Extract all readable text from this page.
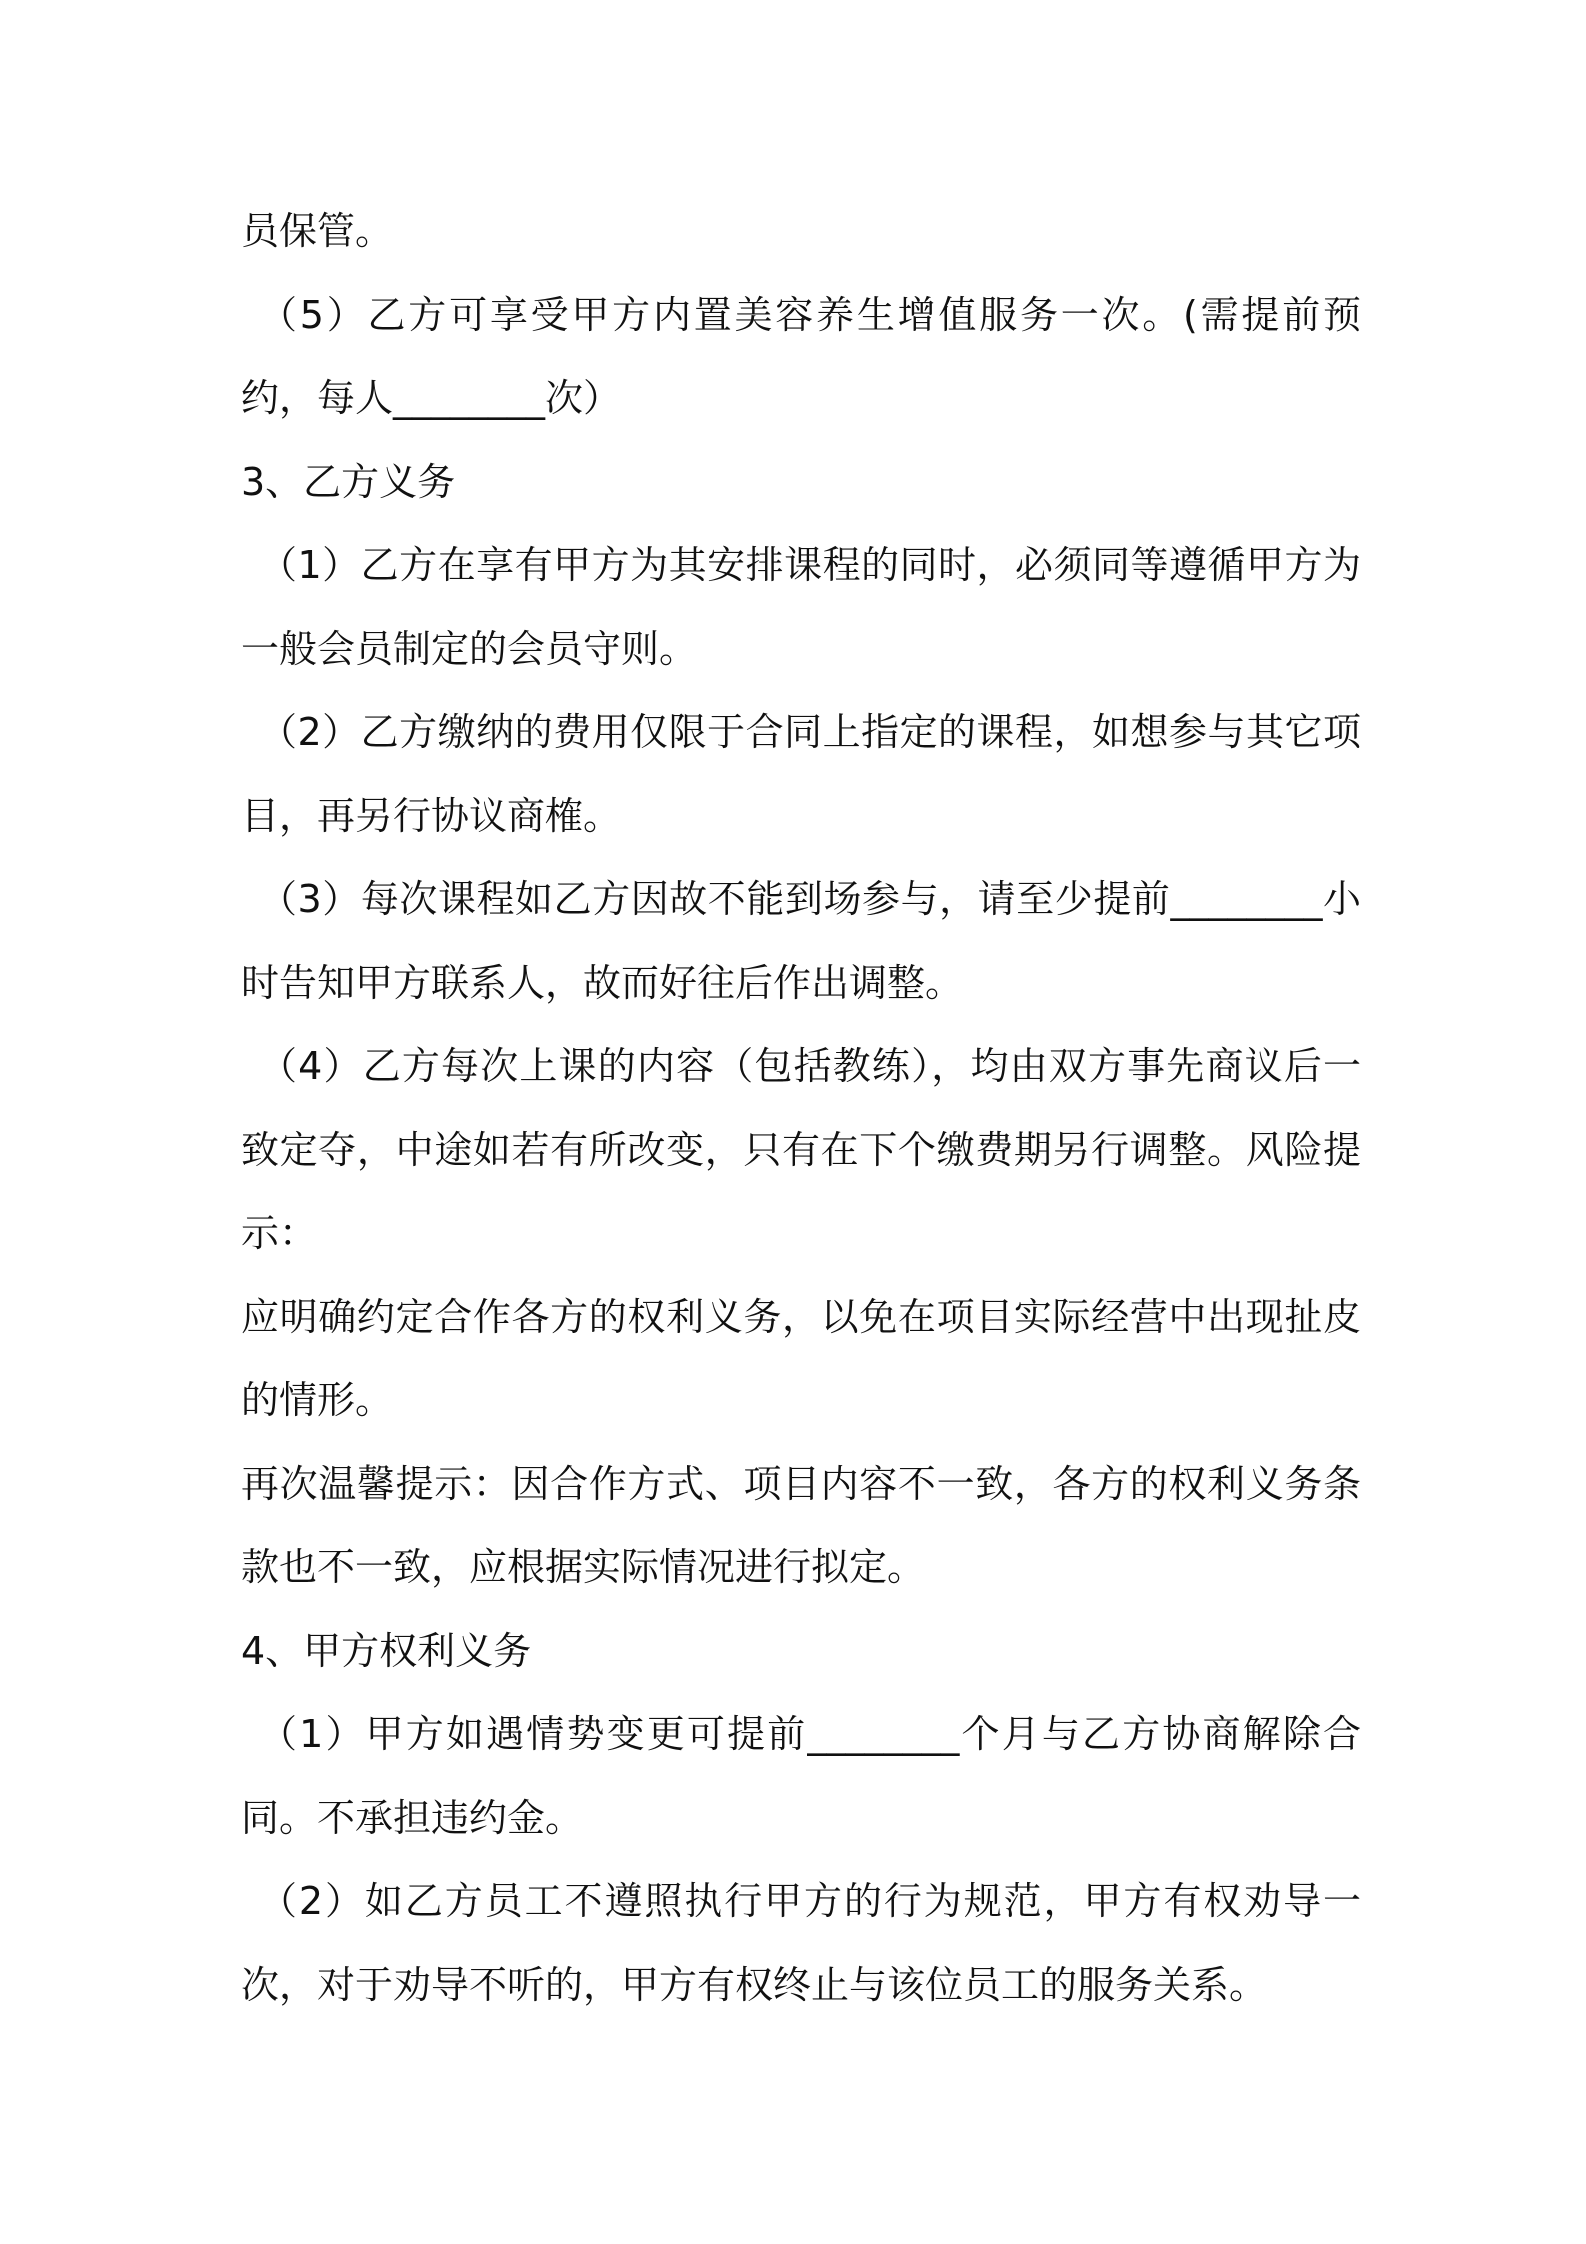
员保管。

（5）乙方可享受甲方内置美容养生增值服务一次。(需提前预约，每人________次）

3、乙方义务

（1）乙方在享有甲方为其安排课程的同时，必须同等遵循甲方为一般会员制定的会员守则。

（2）乙方缴纳的费用仅限于合同上指定的课程，如想参与其它项目，再另行协议商榷。

（3）每次课程如乙方因故不能到场参与，请至少提前________小时告知甲方联系人，故而好往后作出调整。

（4）乙方每次上课的内容（包括教练），均由双方事先商议后一致定夺，中途如若有所改变，只有在下个缴费期另行调整。风险提示：

应明确约定合作各方的权利义务，以免在项目实际经营中出现扯皮的情形。

再次温馨提示：因合作方式、项目内容不一致，各方的权利义务条款也不一致，应根据实际情况进行拟定。

4、甲方权利义务

（1）甲方如遇情势变更可提前________个月与乙方协商解除合同。不承担违约金。

（2）如乙方员工不遵照执行甲方的行为规范，甲方有权劝导一次，对于劝导不听的，甲方有权终止与该位员工的服务关系。
